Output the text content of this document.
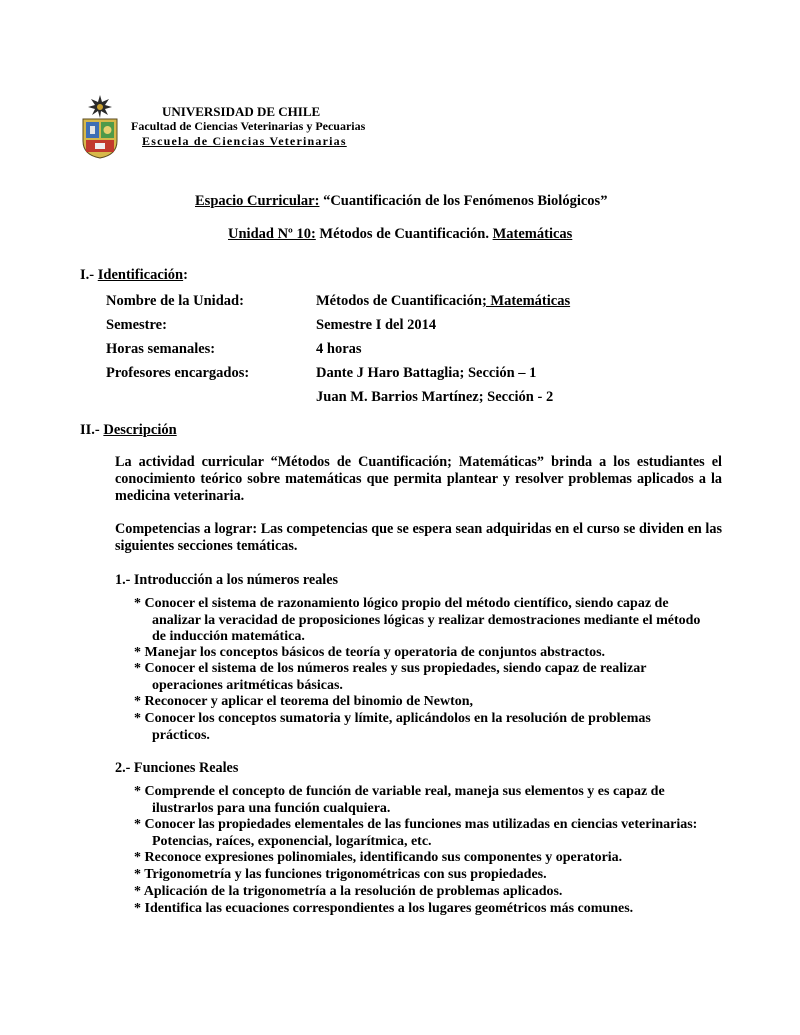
UNIVERSIDAD DE CHILE
Facultad de Ciencias Veterinarias y Pecuarias
Escuela de Ciencias Veterinarias
Espacio Curricular: “Cuantificación de los Fenómenos Biológicos”
Unidad Nº 10: Métodos de Cuantificación. Matemáticas
I.- Identificación:
Nombre de la Unidad:	Métodos de Cuantificación; Matemáticas
Semestre:	Semestre I del 2014
Horas semanales:	4 horas
Profesores encargados:	Dante J Haro Battaglia; Sección – 1
Juan M. Barrios Martínez; Sección - 2
II.- Descripción
La actividad curricular “Métodos de Cuantificación; Matemáticas” brinda a los estudiantes el conocimiento teórico sobre matemáticas que permita plantear y resolver problemas aplicados a la medicina veterinaria.
Competencias a lograr: Las competencias que se espera sean adquiridas en el curso se dividen en las siguientes secciones temáticas.
1.- Introducción a los números reales
* Conocer el sistema de razonamiento lógico propio del método científico, siendo capaz de
analizar la veracidad de proposiciones lógicas y realizar demostraciones mediante el método
de inducción matemática.
* Manejar los conceptos básicos de teoría y operatoria de conjuntos abstractos.
* Conocer el sistema de los números reales y sus propiedades, siendo capaz de realizar
operaciones aritméticas básicas.
* Reconocer y aplicar el teorema del binomio de Newton,
* Conocer los conceptos sumatoria y límite, aplicándolos en la resolución de problemas
prácticos.
2.- Funciones Reales
* Comprende el concepto de función de variable real, maneja sus elementos y es capaz de
ilustrarlos para una función cualquiera.
* Conocer las propiedades elementales de las funciones mas utilizadas en ciencias veterinarias:
Potencias, raíces, exponencial, logarítmica, etc.
* Reconoce expresiones polinomiales, identificando sus componentes y operatoria.
* Trigonometría y las funciones trigonométricas con sus propiedades.
* Aplicación de la trigonometría a la resolución de problemas aplicados.
* Identifica las ecuaciones correspondientes a los lugares geométricos más comunes.
